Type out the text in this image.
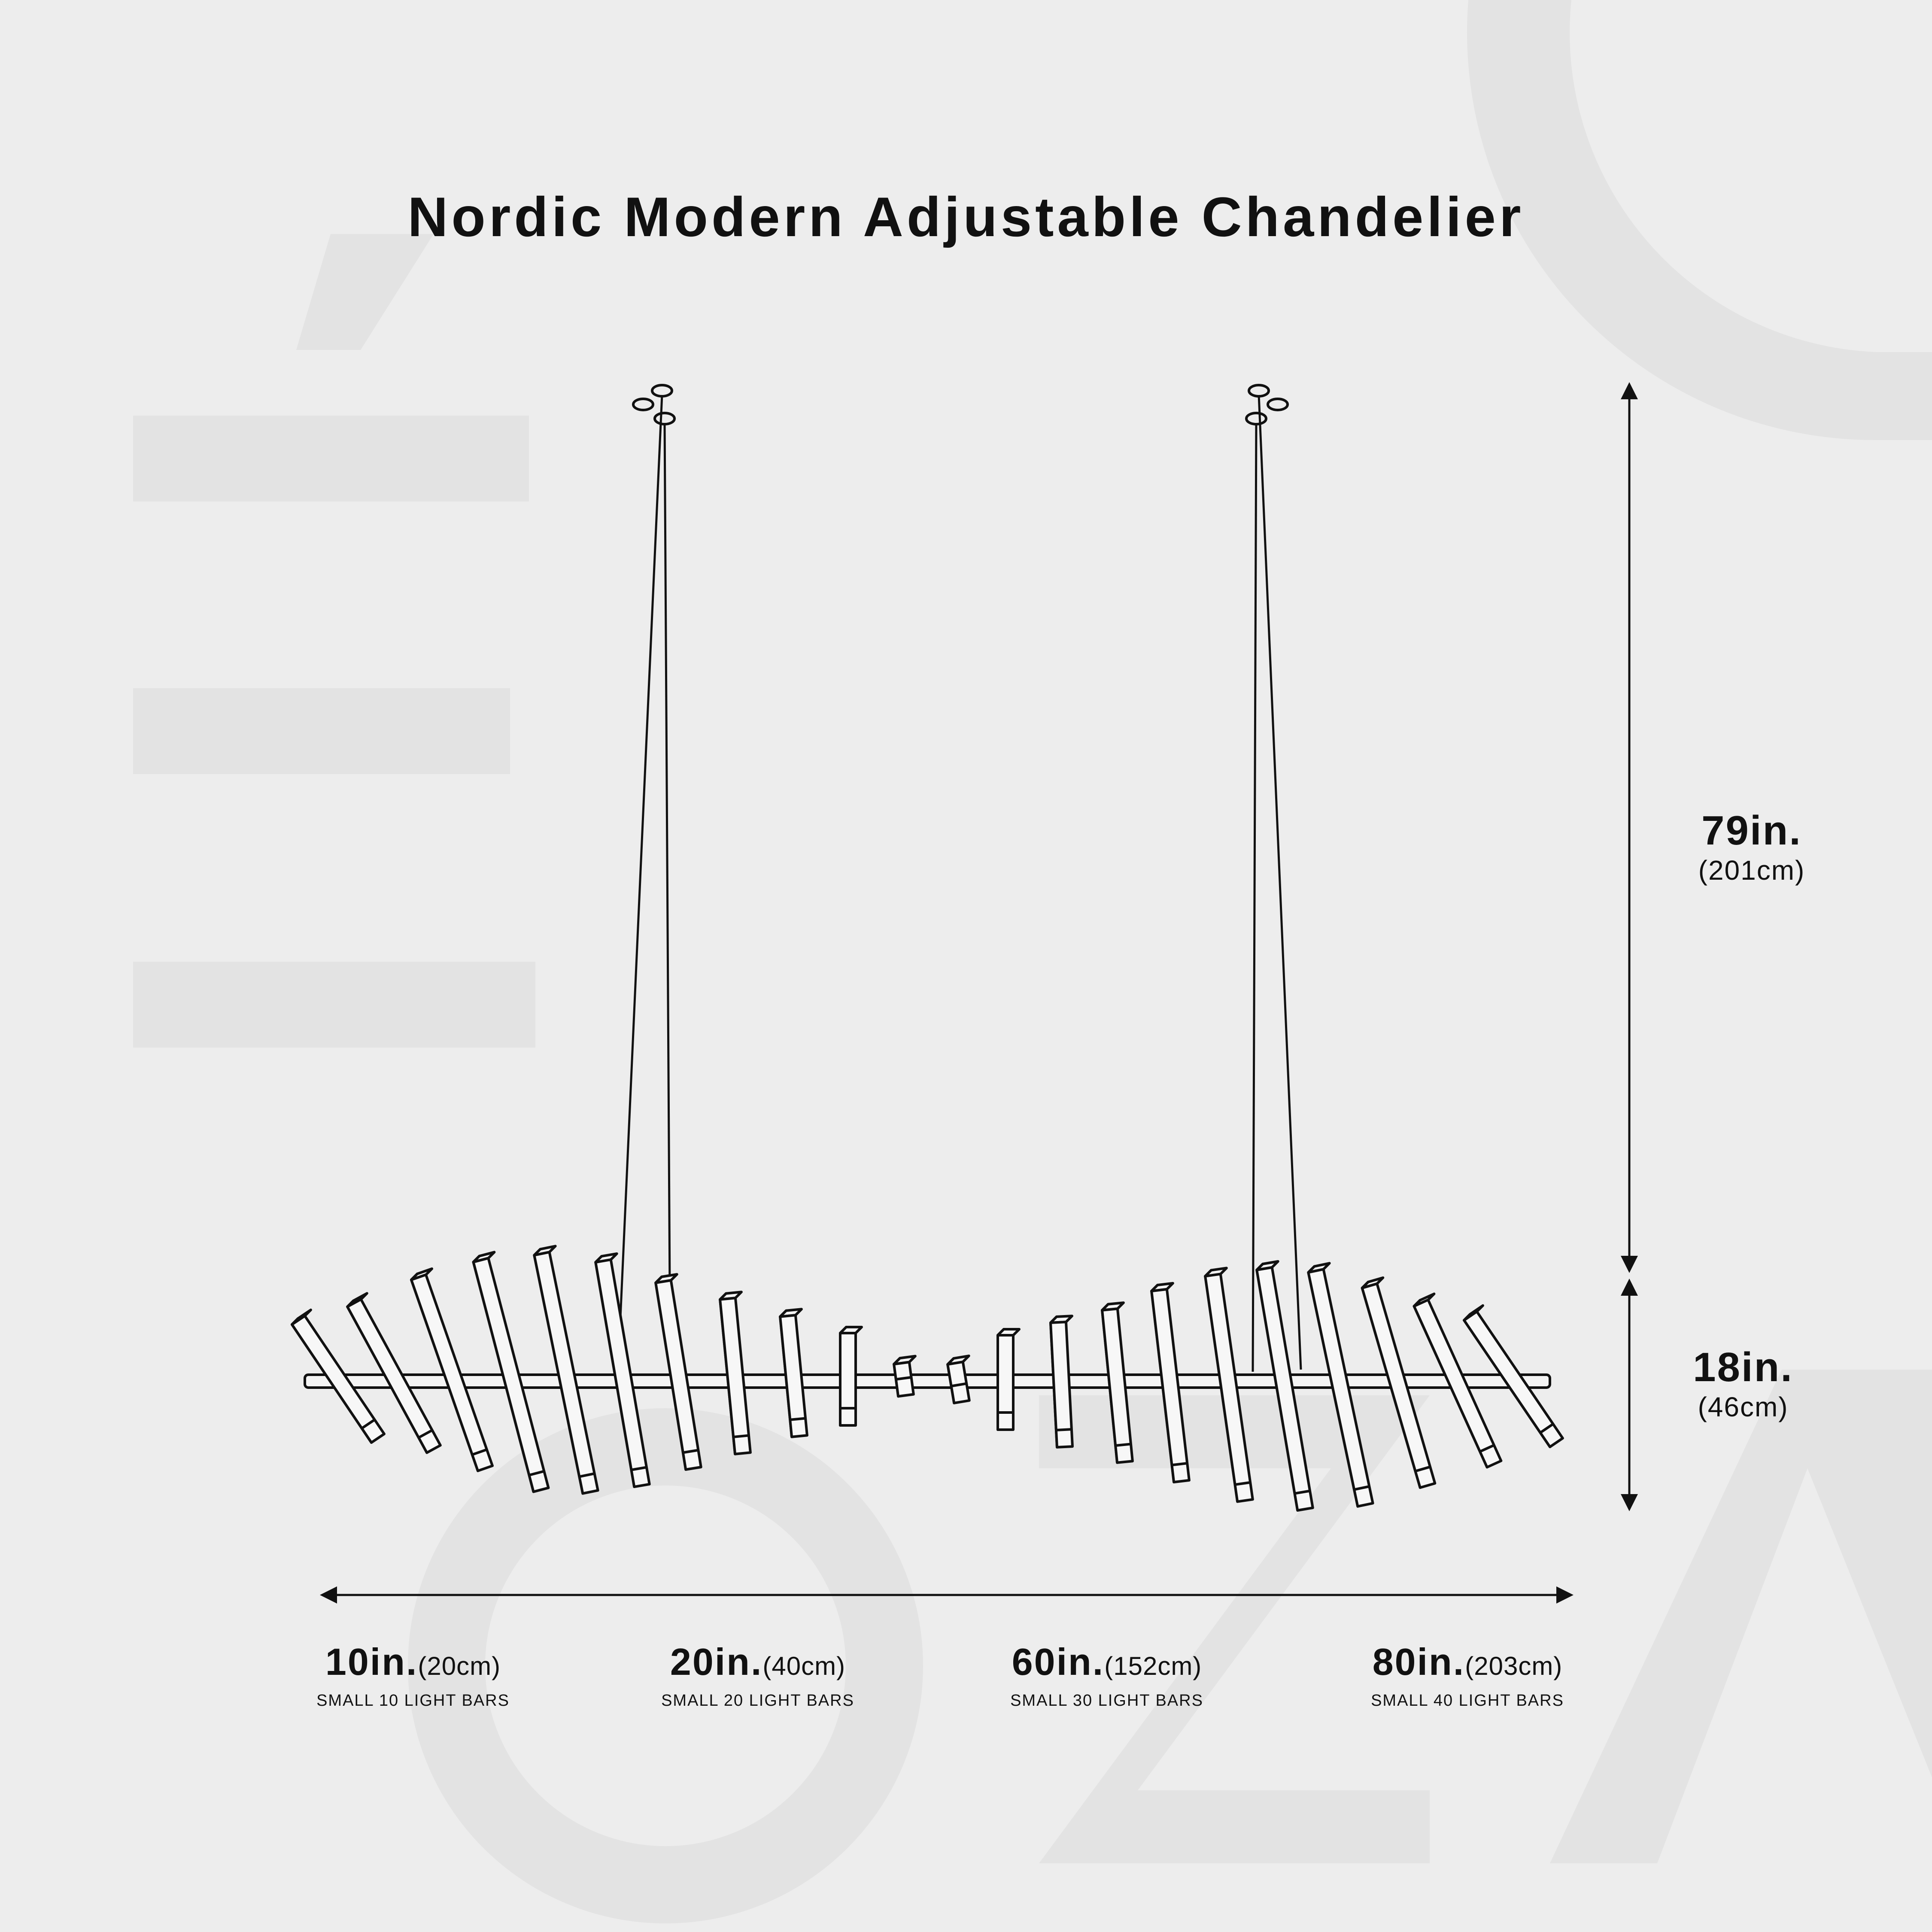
Nordic Modern Adjustable Chandelier
79in.
(201cm)
18in.
(46cm)
10in.(20cm)
SMALL 10 LIGHT BARS
20in.(40cm)
SMALL 20 LIGHT BARS
60in.(152cm)
SMALL 30 LIGHT BARS
80in.(203cm)
SMALL 40 LIGHT BARS
